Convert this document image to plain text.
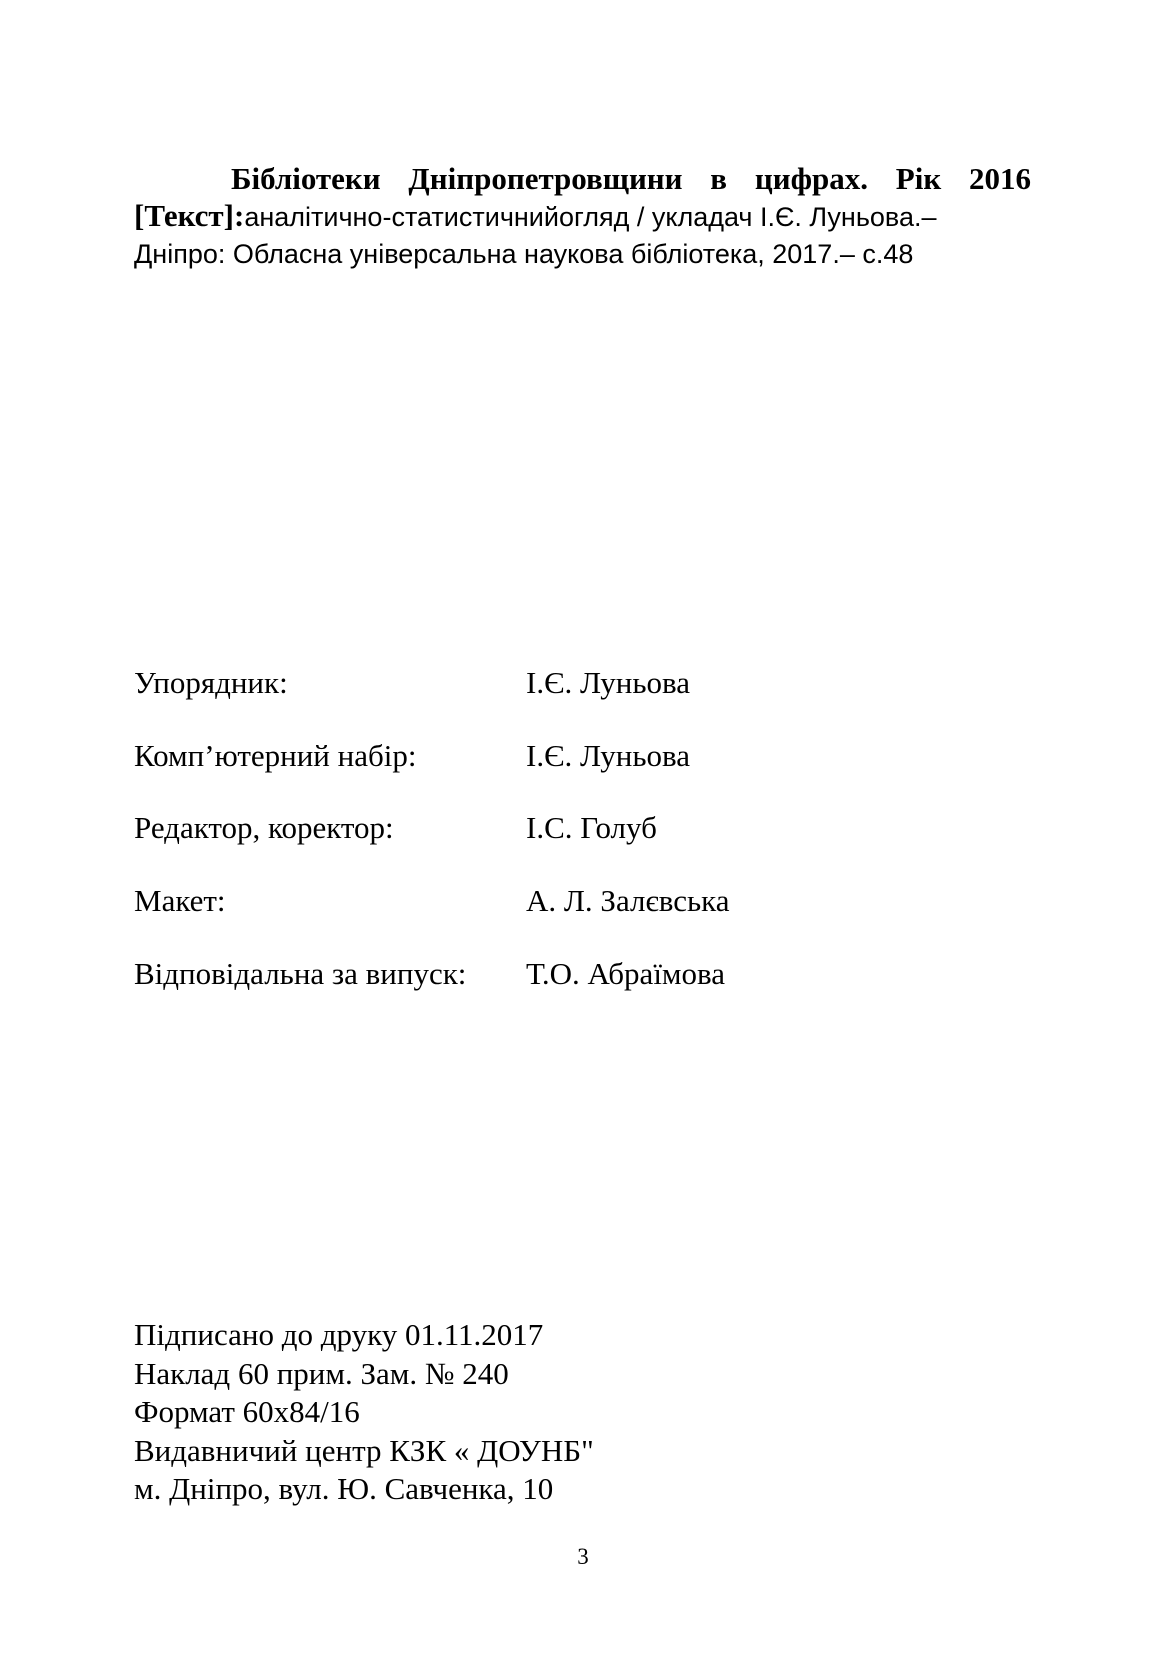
Бібліотеки Дніпропетровщини в цифрах. Рік 2016
[Текст]:аналітично-статистичнийогляд / укладач І.Є. Луньова.–
Дніпро: Обласна універсальна наукова бібліотека, 2017.– с.48
Упорядник:	І.Є. Луньова
Комп’ютерний набір:	І.Є. Луньова
Редактор, коректор:	І.С. Голуб
Макет:	А. Л. Залєвська
Відповідальна за випуск: Т.О. Абраїмова
Підписано до друку 01.11.2017
Наклад 60 прим. Зам. № 240
Формат 60х84/16
Видавничий центр КЗК « ДОУНБ"
м. Дніпро, вул. Ю. Савченка, 10
3
